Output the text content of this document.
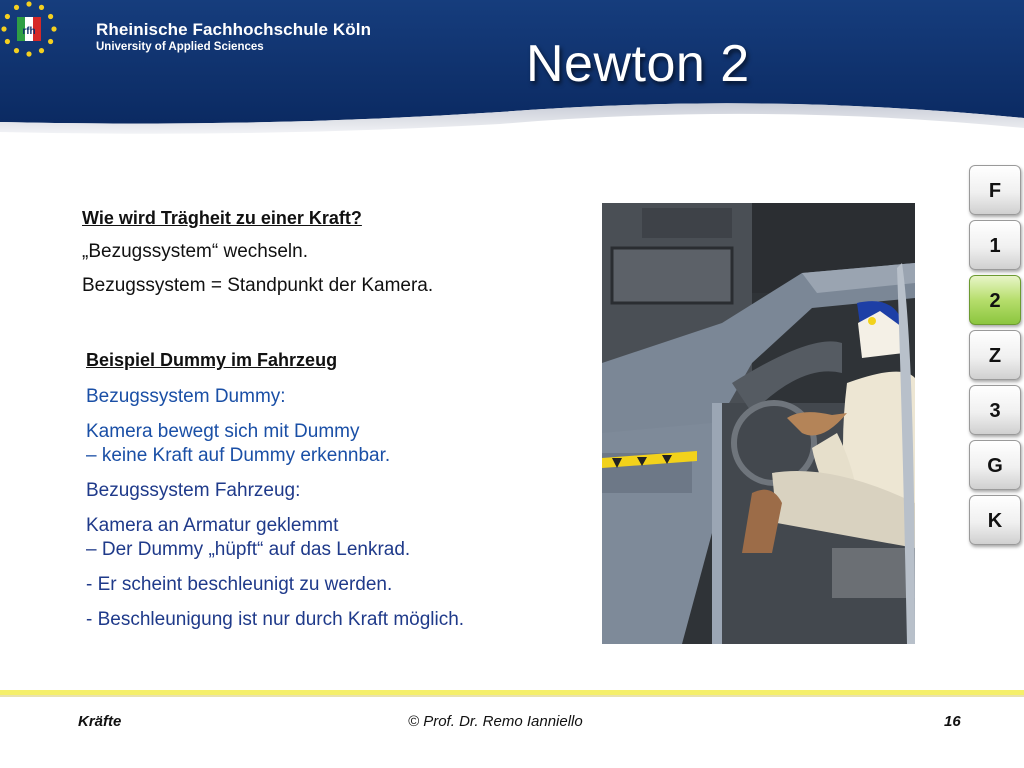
rfh	Rheinische Fachhochschule Köln
University of Applied Sciences	Newton 2
Wie wird Trägheit zu einer Kraft?
„Bezugssystem“ wechseln.
Bezugssystem = Standpunkt der Kamera.
Beispiel Dummy im Fahrzeug
Bezugssystem Dummy:
Kamera bewegt sich mit Dummy
– keine Kraft auf Dummy erkennbar.
Bezugssystem Fahrzeug:
Kamera an Armatur geklemmt
– Der Dummy „hüpft“ auf das Lenkrad.
- Er scheint beschleunigt zu werden.
- Beschleunigung ist nur durch Kraft möglich.
F
1
2
Z
3
G
K
Kräfte	© Prof. Dr. Remo Ianniello	16
